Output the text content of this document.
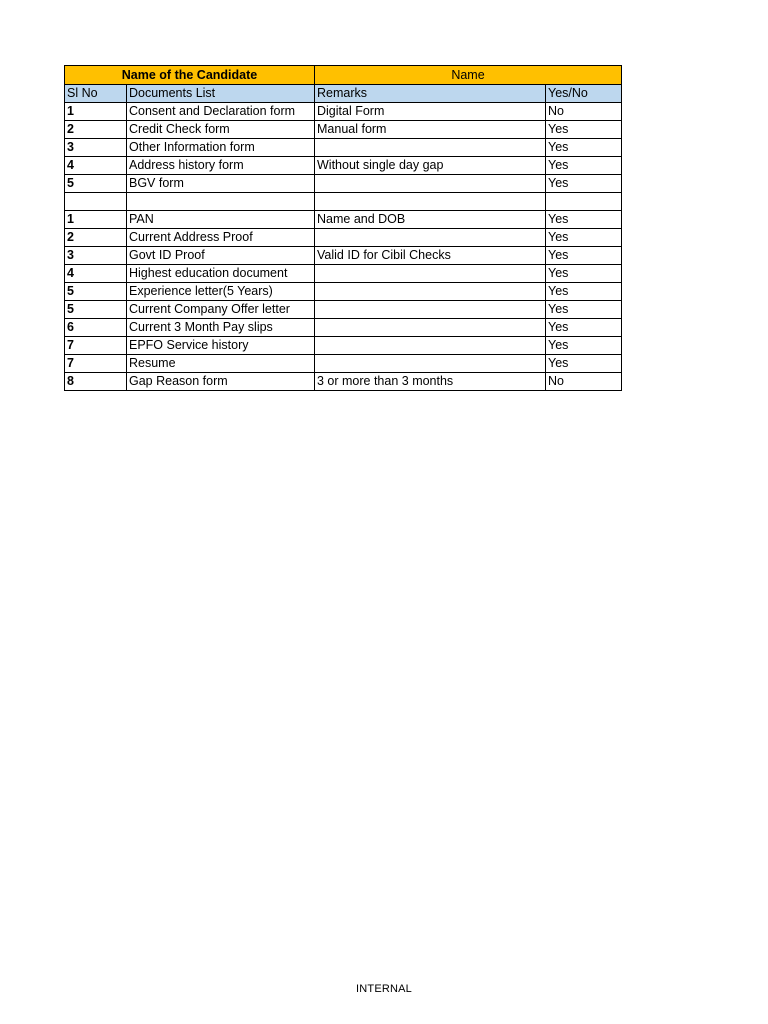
Name of the Candidate		Name	
Sl No	Documents List	Remarks	Yes/No
1	Consent and Declaration form	Digital Form	No
2	Credit Check form	Manual form	Yes
3	Other Information form		Yes
4	Address history form	Without single day gap	Yes
5	BGV form		Yes

1	PAN	Name and DOB	Yes
2	Current Address Proof		Yes
3	Govt ID Proof	Valid ID for Cibil Checks	Yes
4	Highest education document		Yes
5	Experience letter(5 Years)		Yes
5	Current Company Offer letter		Yes
6	Current 3 Month Pay slips		Yes
7	EPFO Service history		Yes
7	Resume		Yes
8	Gap Reason form	3 or more than 3 months	No
INTERNAL
